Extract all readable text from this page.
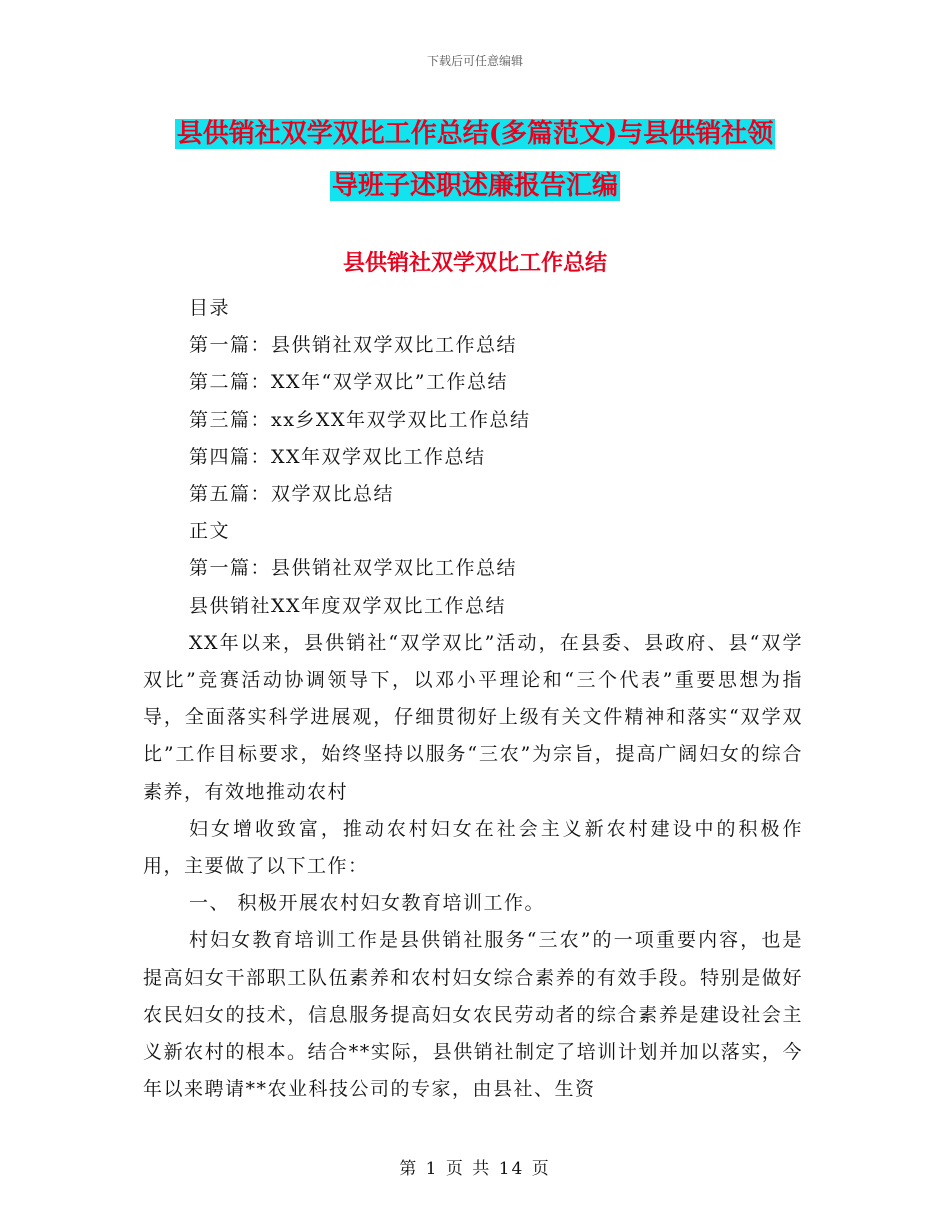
下载后可任意编辑
县供销社双学双比工作总结(多篇范文)与县供销社领
导班子述职述廉报告汇编
县供销社双学双比工作总结

目录

第一篇：县供销社双学双比工作总结

第二篇：XX年“双学双比”工作总结

第三篇：xx乡XX年双学双比工作总结

第四篇：XX年双学双比工作总结

第五篇：双学双比总结

正文

第一篇：县供销社双学双比工作总结

县供销社XX年度双学双比工作总结

XX年以来，县供销社“双学双比”活动，在县委、县政府、县“双学双比”竞赛活动协调领导下，以邓小平理论和“三个代表”重要思想为指导，全面落实科学进展观，仔细贯彻好上级有关文件精神和落实“双学双比”工作目标要求，始终坚持以服务“三农”为宗旨，提高广阔妇女的综合素养，有效地推动农村

妇女增收致富，推动农村妇女在社会主义新农村建设中的积极作用，主要做了以下工作：

一、 积极开展农村妇女教育培训工作。

村妇女教育培训工作是县供销社服务“三农”的一项重要内容，也是提高妇女干部职工队伍素养和农村妇女综合素养的有效手段。特别是做好农民妇女的技术，信息服务提高妇女农民劳动者的综合素养是建设社会主义新农村的根本。结合**实际，县供销社制定了培训计划并加以落实，今年以来聘请**农业科技公司的专家，由县社、生资

第 1 页 共 14 页
